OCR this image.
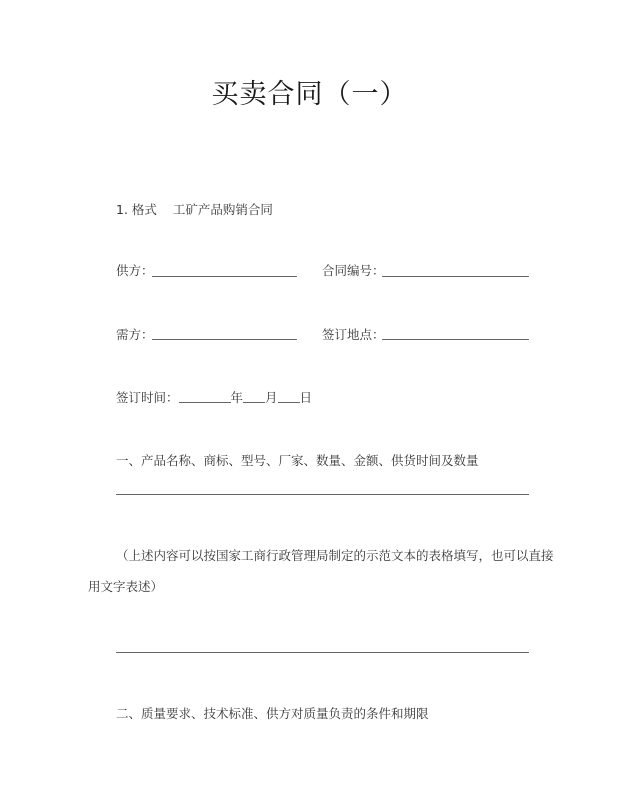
买卖合同（一）
1. 格式 工矿产品购销合同
供方：	合同编号：
需方：	签订地点：
签订时间：	年 月 日
一、产品名称、商标、型号、厂家、数量、金额、供货时间及数量
（上述内容可以按国家工商行政管理局制定的示范文本的表格填写，也可以直接
用文字表述）
二、质量要求、技术标准、供方对质量负责的条件和期限
